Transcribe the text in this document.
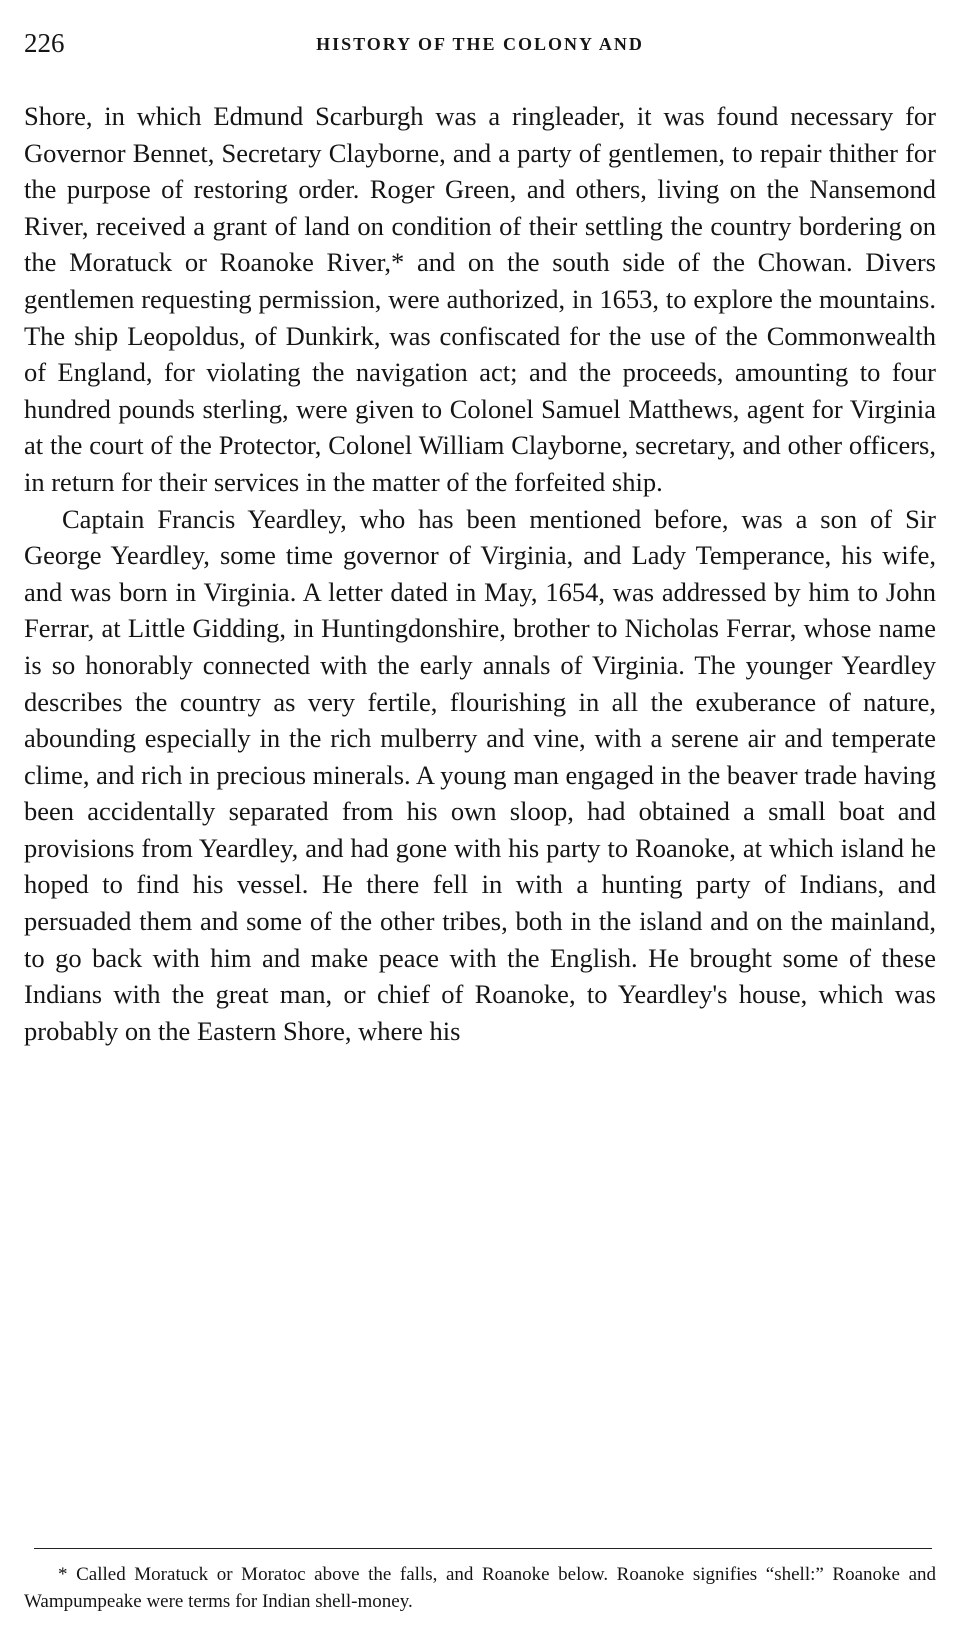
226	HISTORY OF THE COLONY AND

Shore, in which Edmund Scarburgh was a ringleader, it was found necessary for Governor Bennet, Secretary Clayborne, and a party of gentlemen, to repair thither for the purpose of restoring order. Roger Green, and others, living on the Nansemond River, received a grant of land on condition of their settling the country bordering on the Moratuck or Roanoke River,* and on the south side of the Chowan. Divers gentlemen requesting permission, were authorized, in 1653, to explore the mountains. The ship Leopoldus, of Dunkirk, was confiscated for the use of the Commonwealth of England, for violating the navigation act; and the proceeds, amounting to four hundred pounds sterling, were given to Colonel Samuel Matthews, agent for Virginia at the court of the Protector, Colonel William Clayborne, secretary, and other officers, in return for their services in the matter of the forfeited ship.

Captain Francis Yeardley, who has been mentioned before, was a son of Sir George Yeardley, some time governor of Virginia, and Lady Temperance, his wife, and was born in Virginia. A letter dated in May, 1654, was addressed by him to John Ferrar, at Little Gidding, in Huntingdonshire, brother to Nicholas Ferrar, whose name is so honorably connected with the early annals of Virginia. The younger Yeardley describes the country as very fertile, flourishing in all the exuberance of nature, abounding especially in the rich mulberry and vine, with a serene air and temperate clime, and rich in precious minerals. A young man engaged in the beaver trade having been accidentally separated from his own sloop, had obtained a small boat and provisions from Yeardley, and had gone with his party to Roanoke, at which island he hoped to find his vessel. He there fell in with a hunting party of Indians, and persuaded them and some of the other tribes, both in the island and on the mainland, to go back with him and make peace with the English. He brought some of these Indians with the great man, or chief of Roanoke, to Yeardley's house, which was probably on the Eastern Shore, where his

* Called Moratuck or Moratoc above the falls, and Roanoke below. Roanoke signifies “shell:” Roanoke and Wampumpeake were terms for Indian shell-money.
